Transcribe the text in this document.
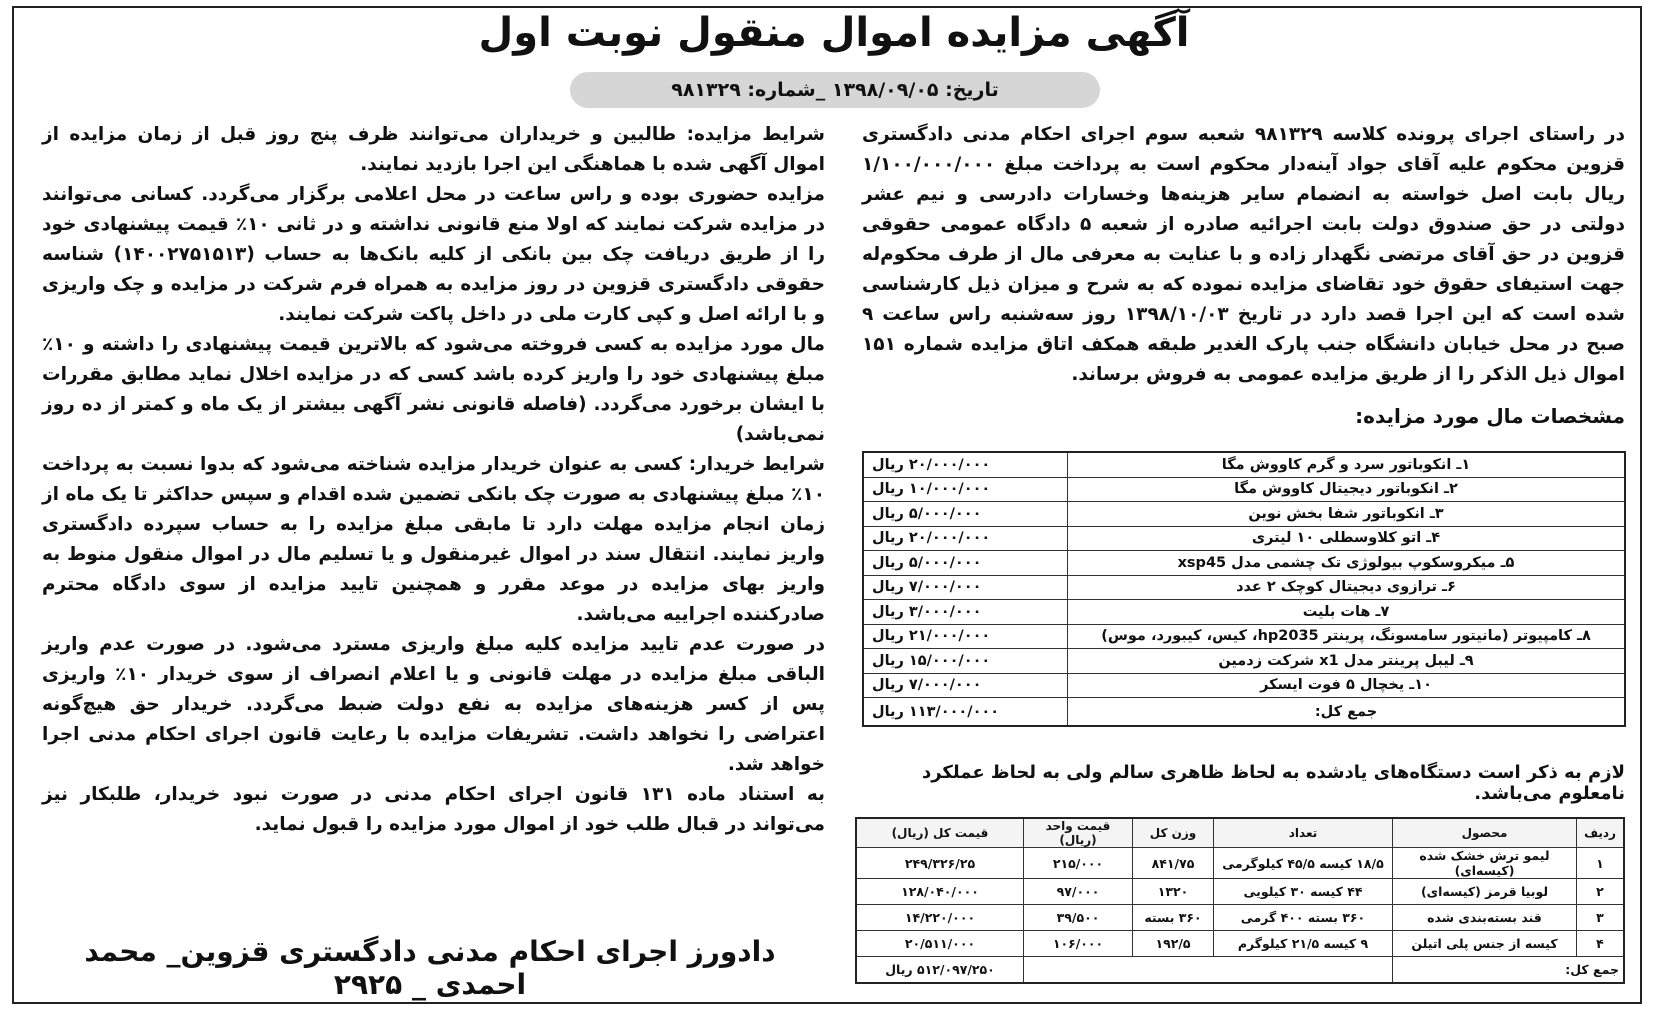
آگهی مزایده اموال منقول نوبت اول
تاریخ: ۱۳۹۸/۰۹/۰۵ _شماره: ۹۸۱۳۲۹

در راستای اجرای پرونده کلاسه ۹۸۱۳۲۹ شعبه سوم اجرای احکام مدنی دادگستری قزوین محکوم علیه آقای جواد آینه‌دار محکوم است به پرداخت مبلغ ۱/۱۰۰/۰۰۰/۰۰۰ ریال بابت اصل خواسته به انضمام سایر هزینه‌ها وخسارات دادرسی و نیم عشر دولتی در حق صندوق دولت بابت اجرائیه صادره از شعبه ۵ دادگاه عمومی حقوقی قزوین در حق آقای مرتضی نگهدار زاده و با عنایت به معرفی مال از طرف محکوم‌له جهت استیفای حقوق خود تقاضای مزایده نموده که به شرح و میزان ذیل کارشناسی شده است که این اجرا قصد دارد در تاریخ ۱۳۹۸/۱۰/۰۳ روز سه‌شنبه راس ساعت ۹ صبح در محل خیابان دانشگاه جنب پارک الغدیر طبقه همکف اتاق مزایده شماره ۱۵۱ اموال ذیل الذکر را از طریق مزایده عمومی به فروش برساند.

مشخصات مال مورد مزایده:
۱ـ انکوباتور سرد و گرم کاووش مگا	۲۰/۰۰۰/۰۰۰ ریال
۲ـ انکوباتور دیجیتال کاووش مگا	۱۰/۰۰۰/۰۰۰ ریال
۳ـ انکوباتور شفا بخش نوین	۵/۰۰۰/۰۰۰ ریال
۴ـ اتو کلاوسطلی ۱۰ لیتری	۲۰/۰۰۰/۰۰۰ ریال
۵ـ میکروسکوپ بیولوژی تک چشمی مدل xsp45	۵/۰۰۰/۰۰۰ ریال
۶ـ ترازوی دیجیتال کوچک ۲ عدد	۷/۰۰۰/۰۰۰ ریال
۷ـ هات بلیت	۳/۰۰۰/۰۰۰ ریال
۸ـ کامپیوتر (مانیتور سامسونگ، پرینتر hp2035، کیس، کیبورد، موس)	۲۱/۰۰۰/۰۰۰ ریال
۹ـ لیبل پرینتر مدل x1 شرکت زدمین	۱۵/۰۰۰/۰۰۰ ریال
۱۰ـ یخچال ۵ فوت ایسکر	۷/۰۰۰/۰۰۰ ریال
جمع کل:	۱۱۳/۰۰۰/۰۰۰ ریال
لازم به ذکر است دستگاه‌های یادشده به لحاظ ظاهری سالم ولی به لحاظ عملکرد نامعلوم می‌باشد.
ردیف	محصول	تعداد	وزن کل	قیمت واحد (ریال)	قیمت کل (ریال)
۱	لیمو ترش خشک شده (کیسه‌ای)	۱۸/۵ کیسه ۴۵/۵ کیلوگرمی	۸۴۱/۷۵	۲۱۵/۰۰۰	۲۴۹/۳۲۶/۲۵
۲	لوبیا قرمز (کیسه‌ای)	۴۴ کیسه ۳۰ کیلویی	۱۳۲۰	۹۷/۰۰۰	۱۲۸/۰۴۰/۰۰۰
۳	قند بسته‌بندی شده	۳۶۰ بسته ۴۰۰ گرمی	۳۶۰ بسته	۳۹/۵۰۰	۱۴/۲۲۰/۰۰۰
۴	کیسه از جنس پلی اتیلن	۹ کیسه ۲۱/۵ کیلوگرم	۱۹۲/۵	۱۰۶/۰۰۰	۲۰/۵۱۱/۰۰۰
جمع کل:					۵۱۲/۰۹۷/۲۵۰ ریال

شرایط مزایده: طالبین و خریداران می‌توانند ظرف پنج روز قبل از زمان مزایده از اموال آگهی شده با هماهنگی این اجرا بازدید نمایند.

مزایده حضوری بوده و راس ساعت در محل اعلامی برگزار می‌گردد. کسانی می‌توانند در مزایده شرکت نمایند که اولا منع قانونی نداشته و در ثانی ۱۰٪ قیمت پیشنهادی خود را از طریق دریافت چک بین بانکی از کلیه بانک‌ها به حساب (۱۴۰۰۲۷۵۱۵۱۳) شناسه حقوقی دادگستری قزوین در روز مزایده به همراه فرم شرکت در مزایده و چک واریزی و با ارائه اصل و کپی کارت ملی در داخل پاکت شرکت نمایند.

مال مورد مزایده به کسی فروخته می‌شود که بالاترین قیمت پیشنهادی را داشته و ۱۰٪ مبلغ پیشنهادی خود را واریز کرده باشد کسی که در مزایده اخلال نماید مطابق مقررات با ایشان برخورد می‌گردد. (فاصله قانونی نشر آگهی بیشتر از یک ماه و کمتر از ده روز نمی‌باشد)

شرایط خریدار: کسی به عنوان خریدار مزایده شناخته می‌شود که بدوا نسبت به پرداخت ۱۰٪ مبلغ پیشنهادی به صورت چک بانکی تضمین شده اقدام و سپس حداکثر تا یک ماه از زمان انجام مزایده مهلت دارد تا مابقی مبلغ مزایده را به حساب سپرده دادگستری واریز نمایند. انتقال سند در اموال غیرمنقول و یا تسلیم مال در اموال منقول منوط به واریز بهای مزایده در موعد مقرر و همچنین تایید مزایده از سوی دادگاه محترم صادرکننده اجراییه می‌باشد.

در صورت عدم تایید مزایده کلیه مبلغ واریزی مسترد می‌شود. در صورت عدم واریز الباقی مبلغ مزایده در مهلت قانونی و یا اعلام انصراف از سوی خریدار ۱۰٪ واریزی پس از کسر هزینه‌های مزایده به نفع دولت ضبط می‌گردد. خریدار حق هیچ‌گونه اعتراضی را نخواهد داشت. تشریفات مزایده با رعایت قانون اجرای احکام مدنی اجرا خواهد شد.

به استناد ماده ۱۳۱ قانون اجرای احکام مدنی در صورت نبود خریدار، طلبکار نیز می‌تواند در قبال طلب خود از اموال مورد مزایده را قبول نماید.

دادورز اجرای احکام مدنی دادگستری قزوین_ محمد احمدی _ ۲۹۲۵
